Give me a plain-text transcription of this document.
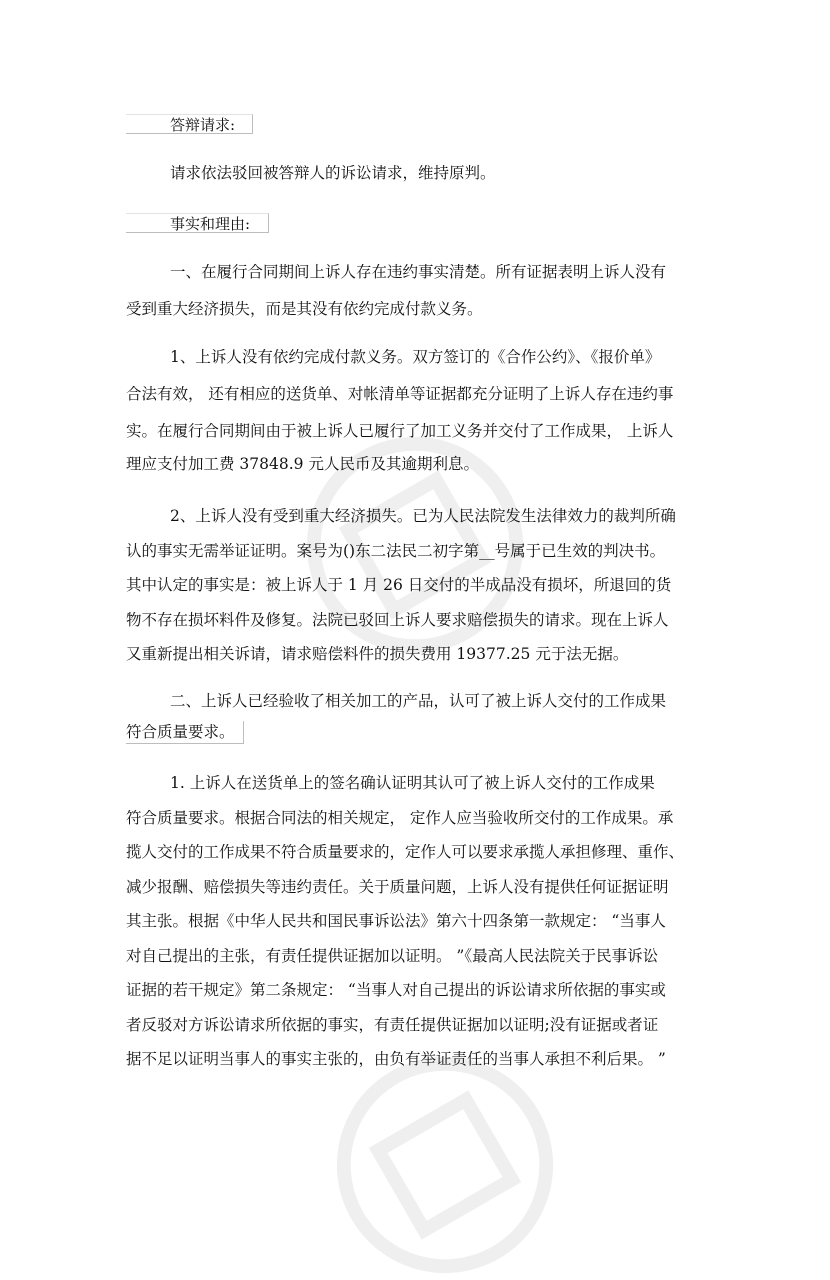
答辩请求:
请求依法驳回被答辩人的诉讼请求，维持原判。
事实和理由:
一、在履行合同期间上诉人存在违约事实清楚。所有证据表明上诉人没有
受到重大经济损失，而是其没有依约完成付款义务。
1、上诉人没有依约完成付款义务。双方签订的《合作公约》、《报价单》
合法有效， 还有相应的送货单、对帐清单等证据都充分证明了上诉人存在违约事
实。在履行合同期间由于被上诉人已履行了加工义务并交付了工作成果， 上诉人
理应支付加工费 37848.9 元人民币及其逾期利息。
2、上诉人没有受到重大经济损失。已为人民法院发生法律效力的裁判所确
认的事实无需举证证明。案号为()东二法民二初字第__号属于已生效的判决书。
其中认定的事实是：被上诉人于 1 月 26 日交付的半成品没有损坏，所退回的货
物不存在损坏料件及修复。法院已驳回上诉人要求赔偿损失的请求。现在上诉人
又重新提出相关诉请，请求赔偿料件的损失费用 19377.25 元于法无据。
二、上诉人已经验收了相关加工的产品，认可了被上诉人交付的工作成果
符合质量要求。
1. 上诉人在送货单上的签名确认证明其认可了被上诉人交付的工作成果
符合质量要求。根据合同法的相关规定， 定作人应当验收所交付的工作成果。承
揽人交付的工作成果不符合质量要求的，定作人可以要求承揽人承担修理、重作、
减少报酬、赔偿损失等违约责任。关于质量问题，上诉人没有提供任何证据证明
其主张。根据《中华人民共和国民事诉讼法》第六十四条第一款规定： “当事人
对自己提出的主张，有责任提供证据加以证明。 ”《最高人民法院关于民事诉讼
证据的若干规定》第二条规定： “当事人对自己提出的诉讼请求所依据的事实或
者反驳对方诉讼请求所依据的事实，有责任提供证据加以证明;没有证据或者证
据不足以证明当事人的事实主张的，由负有举证责任的当事人承担不利后果。 ”
